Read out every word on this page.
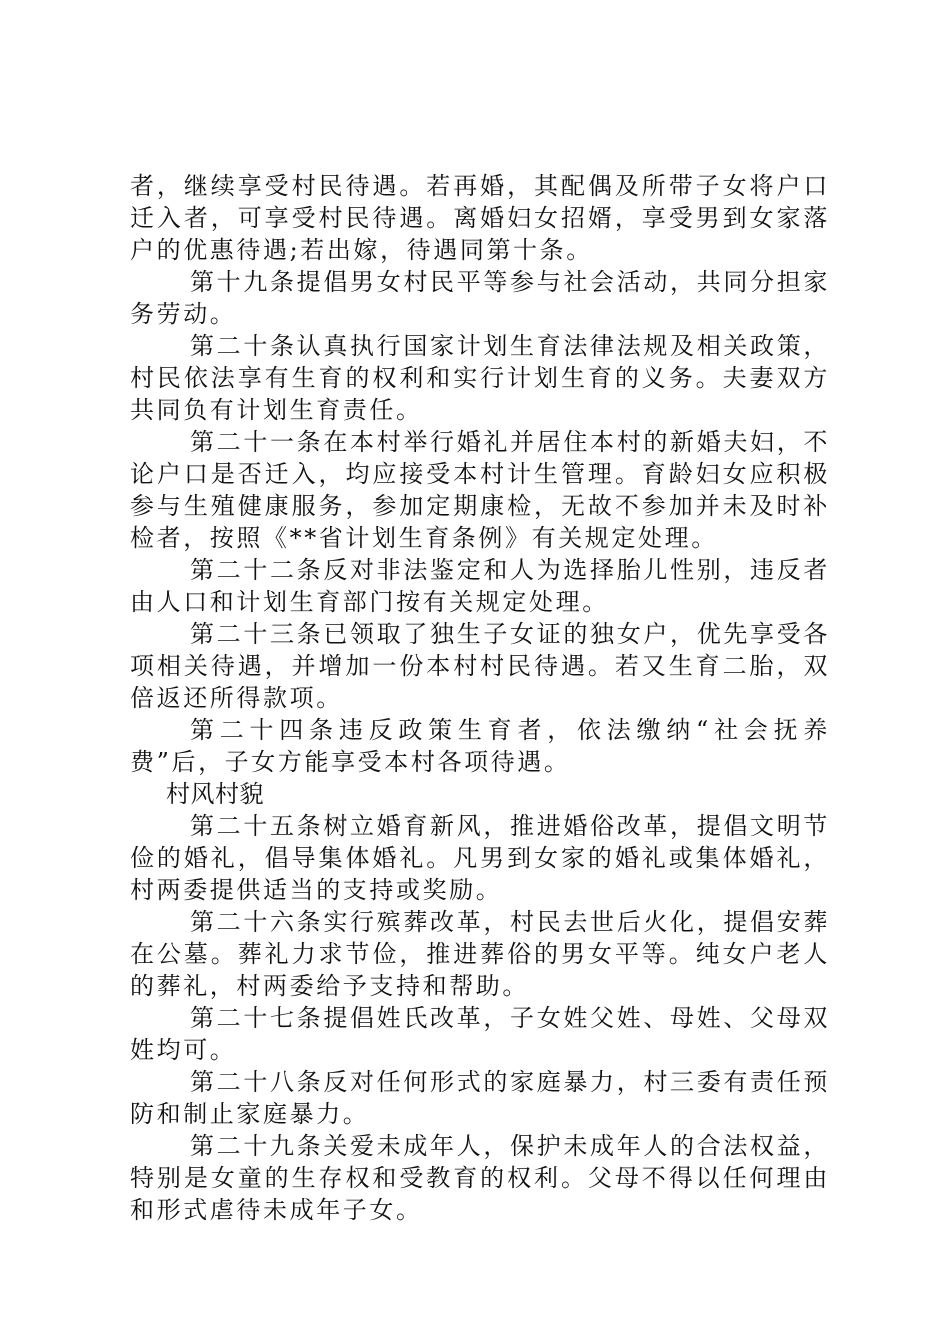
者，继续享受村民待遇。若再婚，其配偶及所带子女将户口迁入者，可享受村民待遇。离婚妇女招婿，享受男到女家落户的优惠待遇;若出嫁，待遇同第十条。

第十九条提倡男女村民平等参与社会活动，共同分担家务劳动。

第二十条认真执行国家计划生育法律法规及相关政策，村民依法享有生育的权利和实行计划生育的义务。夫妻双方共同负有计划生育责任。

第二十一条在本村举行婚礼并居住本村的新婚夫妇，不论户口是否迁入，均应接受本村计生管理。育龄妇女应积极参与生殖健康服务，参加定期康检，无故不参加并未及时补检者，按照《**省计划生育条例》有关规定处理。

第二十二条反对非法鉴定和人为选择胎儿性别，违反者由人口和计划生育部门按有关规定处理。

第二十三条已领取了独生子女证的独女户，优先享受各项相关待遇，并增加一份本村村民待遇。若又生育二胎，双倍返还所得款项。

第二十四条违反政策生育者，依法缴纳“社会抚养费”后，子女方能享受本村各项待遇。

村风村貌

第二十五条树立婚育新风，推进婚俗改革，提倡文明节俭的婚礼，倡导集体婚礼。凡男到女家的婚礼或集体婚礼，村两委提供适当的支持或奖励。

第二十六条实行殡葬改革，村民去世后火化，提倡安葬在公墓。葬礼力求节俭，推进葬俗的男女平等。纯女户老人的葬礼，村两委给予支持和帮助。

第二十七条提倡姓氏改革，子女姓父姓、母姓、父母双姓均可。

第二十八条反对任何形式的家庭暴力，村三委有责任预防和制止家庭暴力。

第二十九条关爱未成年人，保护未成年人的合法权益，特别是女童的生存权和受教育的权利。父母不得以任何理由和形式虐待未成年子女。
